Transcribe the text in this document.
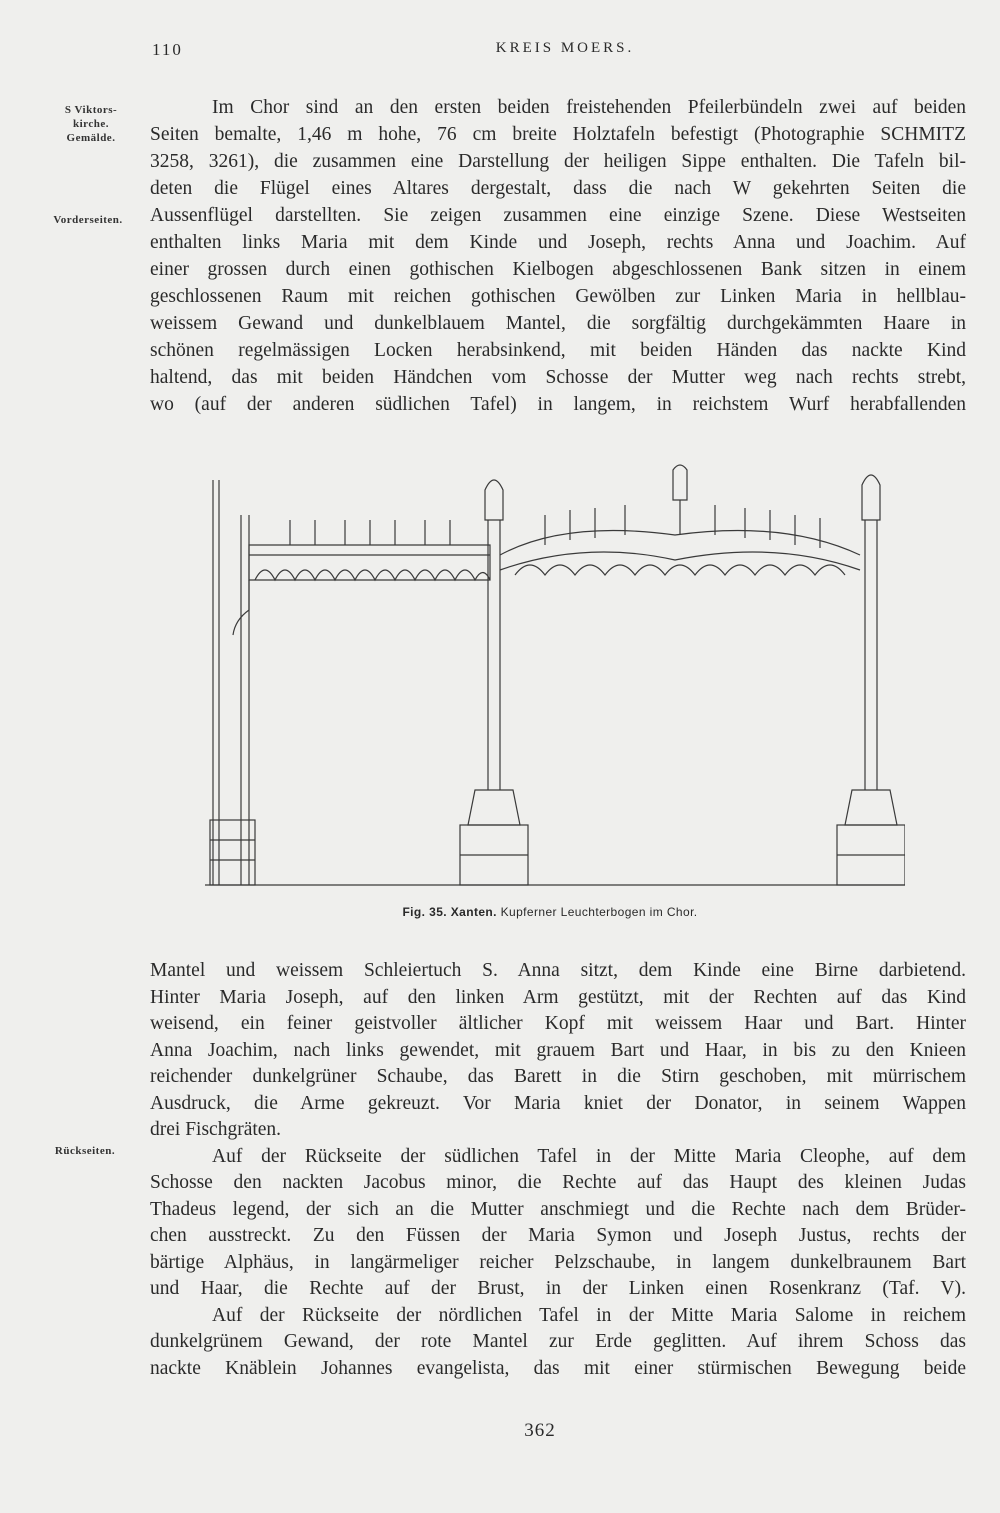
110	KREIS MOERS.
S Viktors-
kirche.
Gemälde.
Vorderseiten.
Rückseiten.
Im Chor sind an den ersten beiden freistehenden Pfeilerbündeln zwei auf beiden
Seiten bemalte, 1,46 m hohe, 76 cm breite Holztafeln befestigt (Photographie SCHMITZ
3258, 3261), die zusammen eine Darstellung der heiligen Sippe enthalten. Die Tafeln bil-
deten die Flügel eines Altares dergestalt, dass die nach W gekehrten Seiten die
Aussenflügel darstellten. Sie zeigen zusammen eine einzige Szene. Diese Westseiten
enthalten links Maria mit dem Kinde und Joseph, rechts Anna und Joachim. Auf
einer grossen durch einen gothischen Kielbogen abgeschlossenen Bank sitzen in einem
geschlossenen Raum mit reichen gothischen Gewölben zur Linken Maria in hellblau-
weissem Gewand und dunkelblauem Mantel, die sorgfältig durchgekämmten Haare in
schönen regelmässigen Locken herabsinkend, mit beiden Händen das nackte Kind
haltend, das mit beiden Händchen vom Schosse der Mutter weg nach rechts strebt,
wo (auf der anderen südlichen Tafel) in langem, in reichstem Wurf herabfallenden
Fig. 35. Xanten. Kupferner Leuchterbogen im Chor.
Mantel und weissem Schleiertuch S. Anna sitzt, dem Kinde eine Birne darbietend.
Hinter Maria Joseph, auf den linken Arm gestützt, mit der Rechten auf das Kind
weisend, ein feiner geistvoller ältlicher Kopf mit weissem Haar und Bart. Hinter
Anna Joachim, nach links gewendet, mit grauem Bart und Haar, in bis zu den Knieen
reichender dunkelgrüner Schaube, das Barett in die Stirn geschoben, mit mürrischem
Ausdruck, die Arme gekreuzt. Vor Maria kniet der Donator, in seinem Wappen
drei Fischgräten.
Auf der Rückseite der südlichen Tafel in der Mitte Maria Cleophe, auf dem
Schosse den nackten Jacobus minor, die Rechte auf das Haupt des kleinen Judas
Thadeus legend, der sich an die Mutter anschmiegt und die Rechte nach dem Brüder-
chen ausstreckt. Zu den Füssen der Maria Symon und Joseph Justus, rechts der
bärtige Alphäus, in langärmeliger reicher Pelzschaube, in langem dunkelbraunem Bart
und Haar, die Rechte auf der Brust, in der Linken einen Rosenkranz (Taf. V).
Auf der Rückseite der nördlichen Tafel in der Mitte Maria Salome in reichem
dunkelgrünem Gewand, der rote Mantel zur Erde geglitten. Auf ihrem Schoss das
nackte Knäblein Johannes evangelista, das mit einer stürmischen Bewegung beide
362
